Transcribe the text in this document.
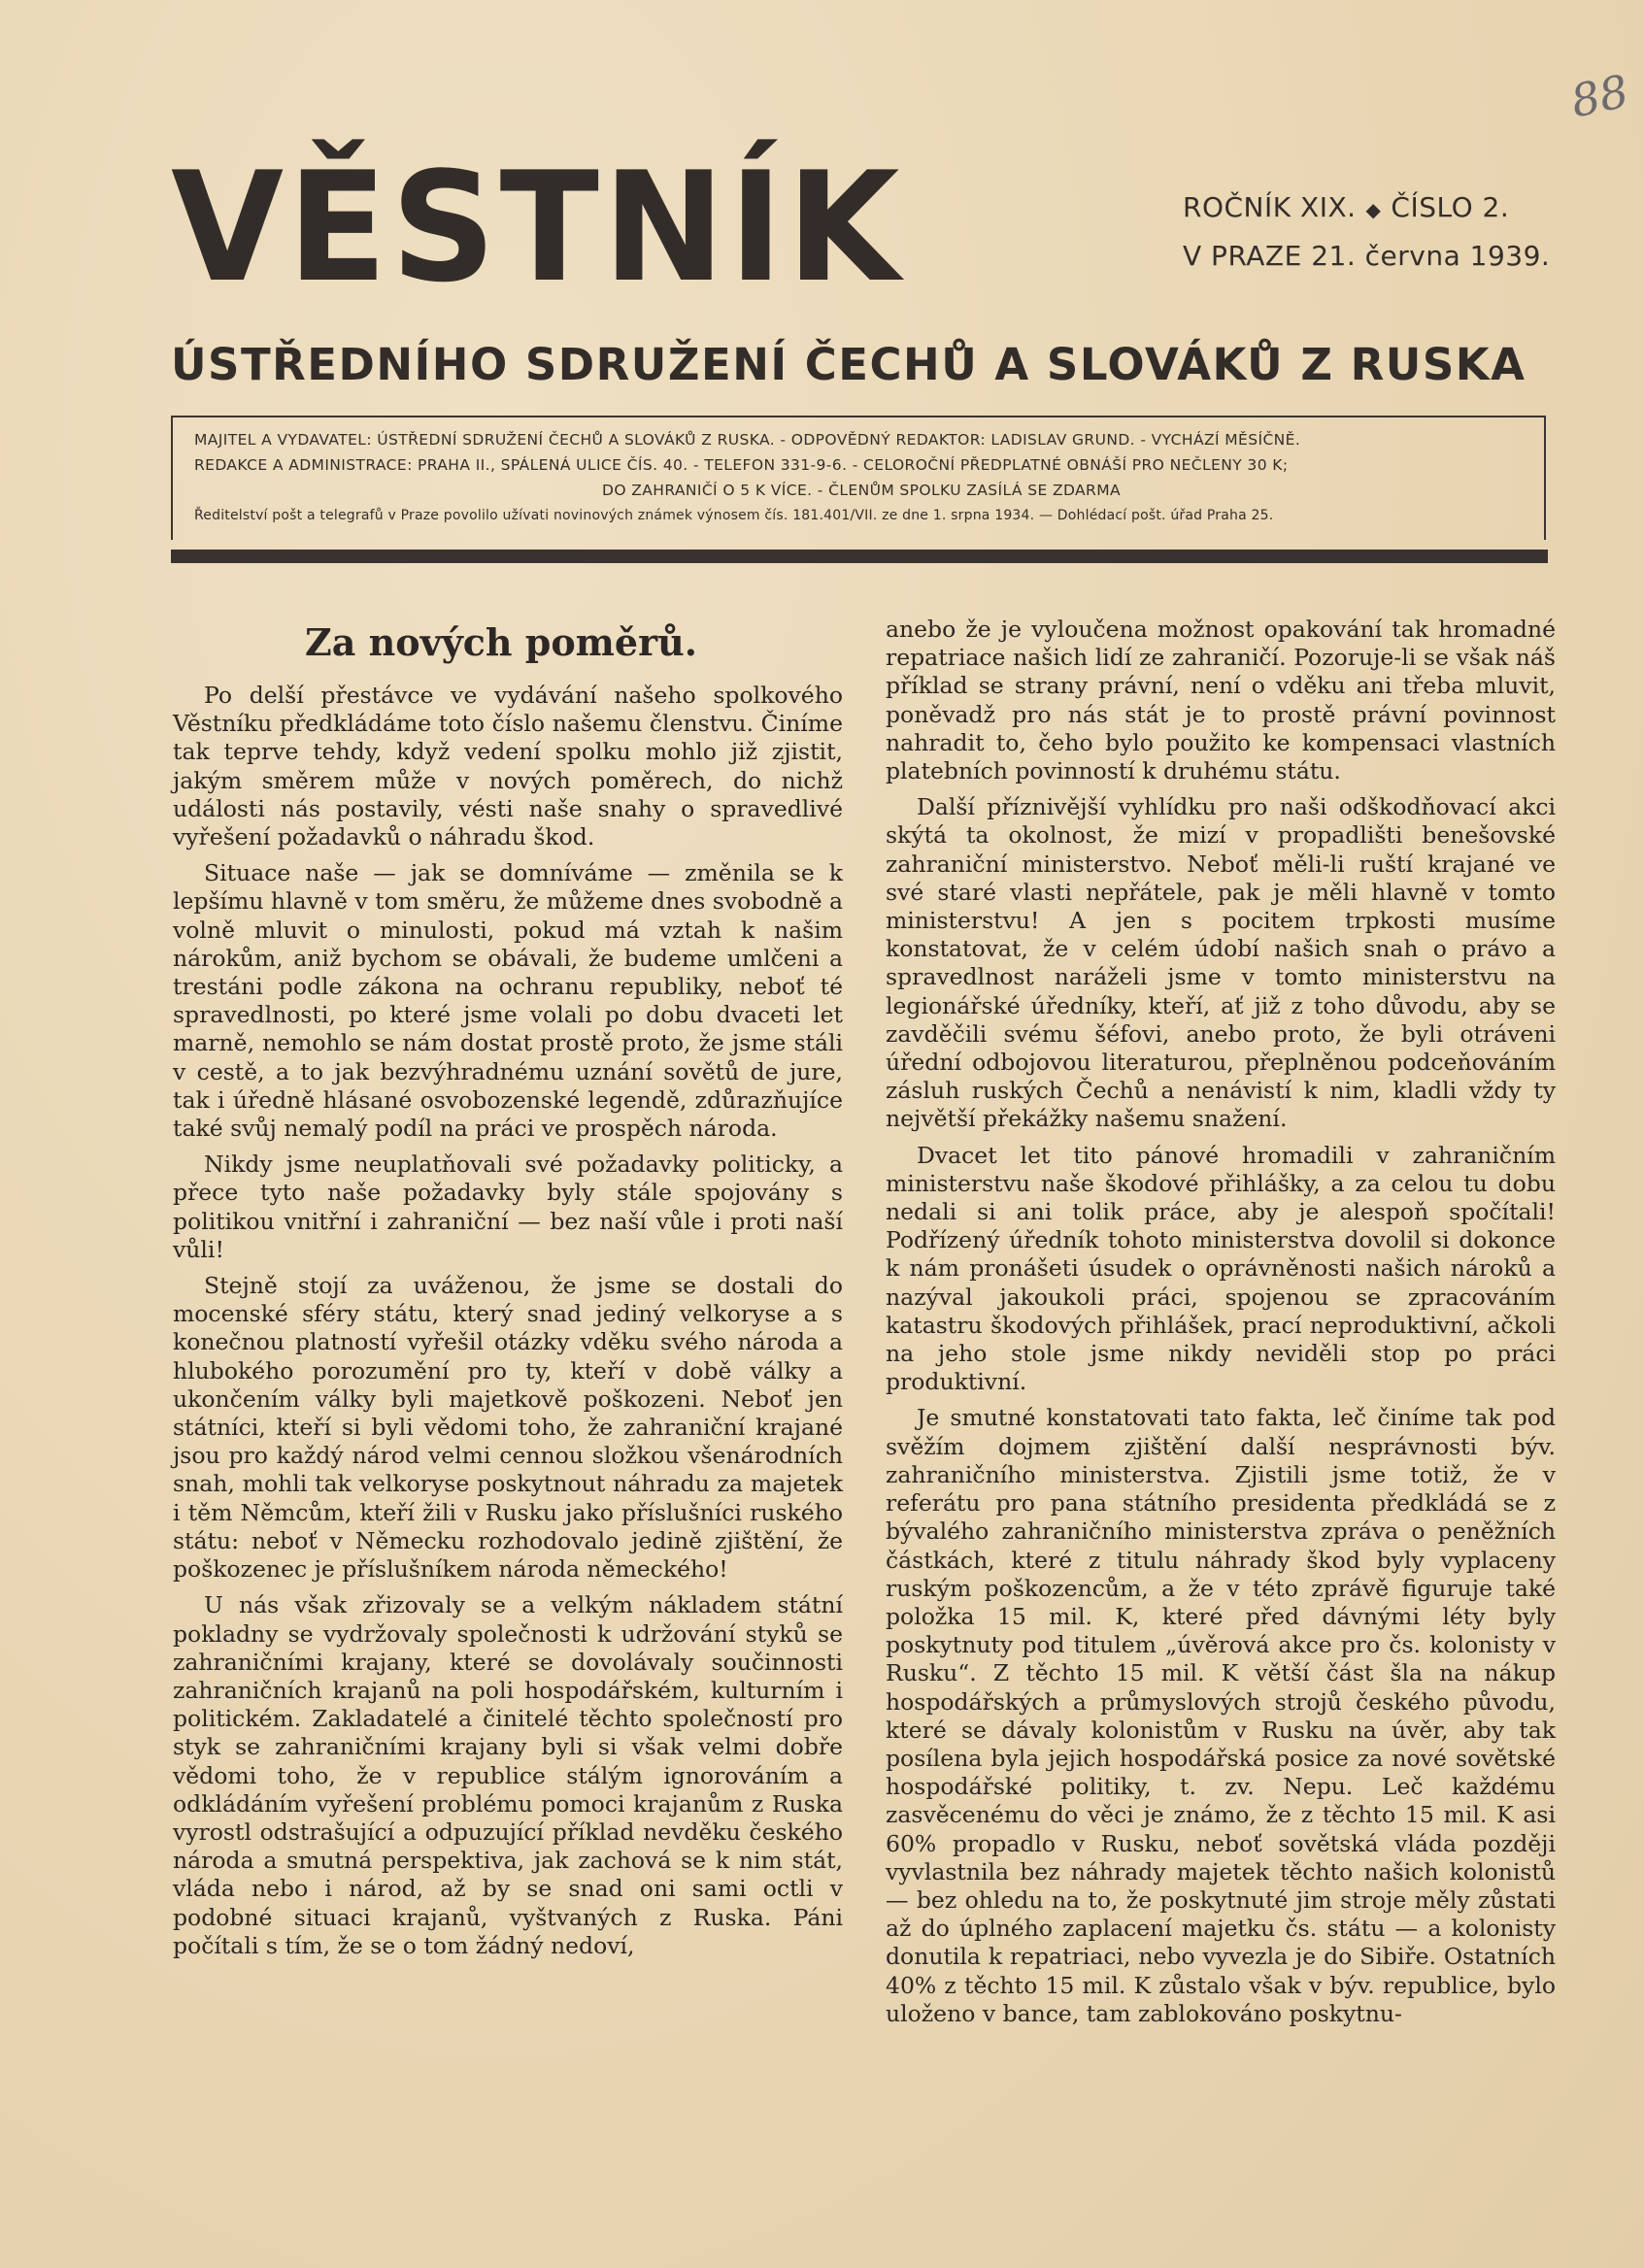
88
VĚSTNÍK	ROČNÍK XIX. ◆ ČÍSLO 2.
V PRAZE 21. června 1939.
ÚSTŘEDNÍHO SDRUŽENÍ ČECHŮ A SLOVÁKŮ Z RUSKA
MAJITEL A VYDAVATEL: ÚSTŘEDNÍ SDRUŽENÍ ČECHŮ A SLOVÁKŮ Z RUSKA. - ODPOVĚDNÝ REDAKTOR: LADISLAV GRUND. - VYCHÁZÍ MĚSÍČNĚ.
REDAKCE A ADMINISTRACE: PRAHA II., SPÁLENÁ ULICE ČÍS. 40. - TELEFON 331-9-6. - CELOROČNÍ PŘEDPLATNÉ OBNÁŠÍ PRO NEČLENY 30 K;
DO ZAHRANIČÍ O 5 K VÍCE. - ČLENŮM SPOLKU ZASÍLÁ SE ZDARMA
Ředitelství pošt a telegrafů v Praze povolilo užívati novinových známek výnosem čís. 181.401/VII. ze dne 1. srpna 1934. — Dohlédací pošt. úřad Praha 25.
Za nových poměrů.

Po delší přestávce ve vydávání našeho spolkového Věstníku předkládáme toto číslo našemu členstvu. Činíme tak teprve tehdy, když vedení spolku mohlo již zjistit, jakým směrem může v nových poměrech, do nichž události nás postavily, vésti naše snahy o spravedlivé vyřešení požadavků o náhradu škod.

Situace naše — jak se domníváme — změnila se k lepšímu hlavně v tom směru, že můžeme dnes svobodně a volně mluvit o minulosti, pokud má vztah k našim nárokům, aniž bychom se obávali, že budeme umlčeni a trestáni podle zákona na ochranu republiky, neboť té spravedlnosti, po které jsme volali po dobu dvaceti let marně, nemohlo se nám dostat prostě proto, že jsme stáli v cestě, a to jak bezvýhradnému uznání sovětů de jure, tak i úředně hlásané osvobozenské legendě, zdůrazňujíce také svůj nemalý podíl na práci ve prospěch národa.

Nikdy jsme neuplatňovali své požadavky politicky, a přece tyto naše požadavky byly stále spojovány s politikou vnitřní i zahraniční — bez naší vůle i proti naší vůli!

Stejně stojí za uváženou, že jsme se dostali do mocenské sféry státu, který snad jediný velkoryse a s konečnou platností vyřešil otázky vděku svého národa a hlubokého porozumění pro ty, kteří v době války a ukončením války byli majetkově poškozeni. Neboť jen státníci, kteří si byli vědomi toho, že zahraniční krajané jsou pro každý národ velmi cennou složkou všenárodních snah, mohli tak velkoryse poskytnout náhradu za majetek i těm Němcům, kteří žili v Rusku jako příslušníci ruského státu: neboť v Německu rozhodovalo jedině zjištění, že poškozenec je příslušníkem národa německého!

U nás však zřizovaly se a velkým nákladem státní pokladny se vydržovaly společnosti k udržování styků se zahraničními krajany, které se dovolávaly součinnosti zahraničních krajanů na poli hospodářském, kulturním i politickém. Zakladatelé a činitelé těchto společností pro styk se zahraničními krajany byli si však velmi dobře vědomi toho, že v republice stálým ignorováním a odkládáním vyřešení problému pomoci krajanům z Ruska vyrostl odstrašující a odpuzující příklad nevděku českého národa a smutná perspektiva, jak zachová se k nim stát, vláda nebo i národ, až by se snad oni sami octli v podobné situaci krajanů, vyštvaných z Ruska. Páni počítali s tím, že se o tom žádný nedoví,

anebo že je vyloučena možnost opakování tak hromadné repatriace našich lidí ze zahraničí. Pozoruje-li se však náš příklad se strany právní, není o vděku ani třeba mluvit, poněvadž pro nás stát je to prostě právní povinnost nahradit to, čeho bylo použito ke kompensaci vlastních platebních povinností k druhému státu.

Další příznivější vyhlídku pro naši odškodňovací akci skýtá ta okolnost, že mizí v propadlišti benešovské zahraniční ministerstvo. Neboť měli-li ruští krajané ve své staré vlasti nepřátele, pak je měli hlavně v tomto ministerstvu! A jen s pocitem trpkosti musíme konstatovat, že v celém údobí našich snah o právo a spravedlnost naráželi jsme v tomto ministerstvu na legionářské úředníky, kteří, ať již z toho důvodu, aby se zavděčili svému šéfovi, anebo proto, že byli otráveni úřední odbojovou literaturou, přeplněnou podceňováním zásluh ruských Čechů a nenávistí k nim, kladli vždy ty největší překážky našemu snažení.

Dvacet let tito pánové hromadili v zahraničním ministerstvu naše škodové přihlášky, a za celou tu dobu nedali si ani tolik práce, aby je alespoň spočítali! Podřízený úředník tohoto ministerstva dovolil si dokonce k nám pronášeti úsudek o oprávněnosti našich nároků a nazýval jakoukoli práci, spojenou se zpracováním katastru škodových přihlášek, prací neproduktivní, ačkoli na jeho stole jsme nikdy neviděli stop po práci produktivní.

Je smutné konstatovati tato fakta, leč činíme tak pod svěžím dojmem zjištění další nesprávnosti býv. zahraničního ministerstva. Zjistili jsme totiž, že v referátu pro pana státního presidenta předkládá se z bývalého zahraničního ministerstva zpráva o peněžních částkách, které z titulu náhrady škod byly vyplaceny ruským poškozencům, a že v této zprávě figuruje také položka 15 mil. K, které před dávnými léty byly poskytnuty pod titulem „úvěrová akce pro čs. kolonisty v Rusku“. Z těchto 15 mil. K větší část šla na nákup hospodářských a průmyslových strojů českého původu, které se dávaly kolonistům v Rusku na úvěr, aby tak posílena byla jejich hospodářská posice za nové sovětské hospodářské politiky, t. zv. Nepu. Leč každému zasvěcenému do věci je známo, že z těchto 15 mil. K asi 60% propadlo v Rusku, neboť sovětská vláda později vyvlastnila bez náhrady majetek těchto našich kolonistů — bez ohledu na to, že poskytnuté jim stroje měly zůstati až do úplného zaplacení majetku čs. státu — a kolonisty donutila k repatriaci, nebo vyvezla je do Sibiře. Ostatních 40% z těchto 15 mil. K zůstalo však v býv. republice, bylo uloženo v bance, tam zablokováno poskytnu-
